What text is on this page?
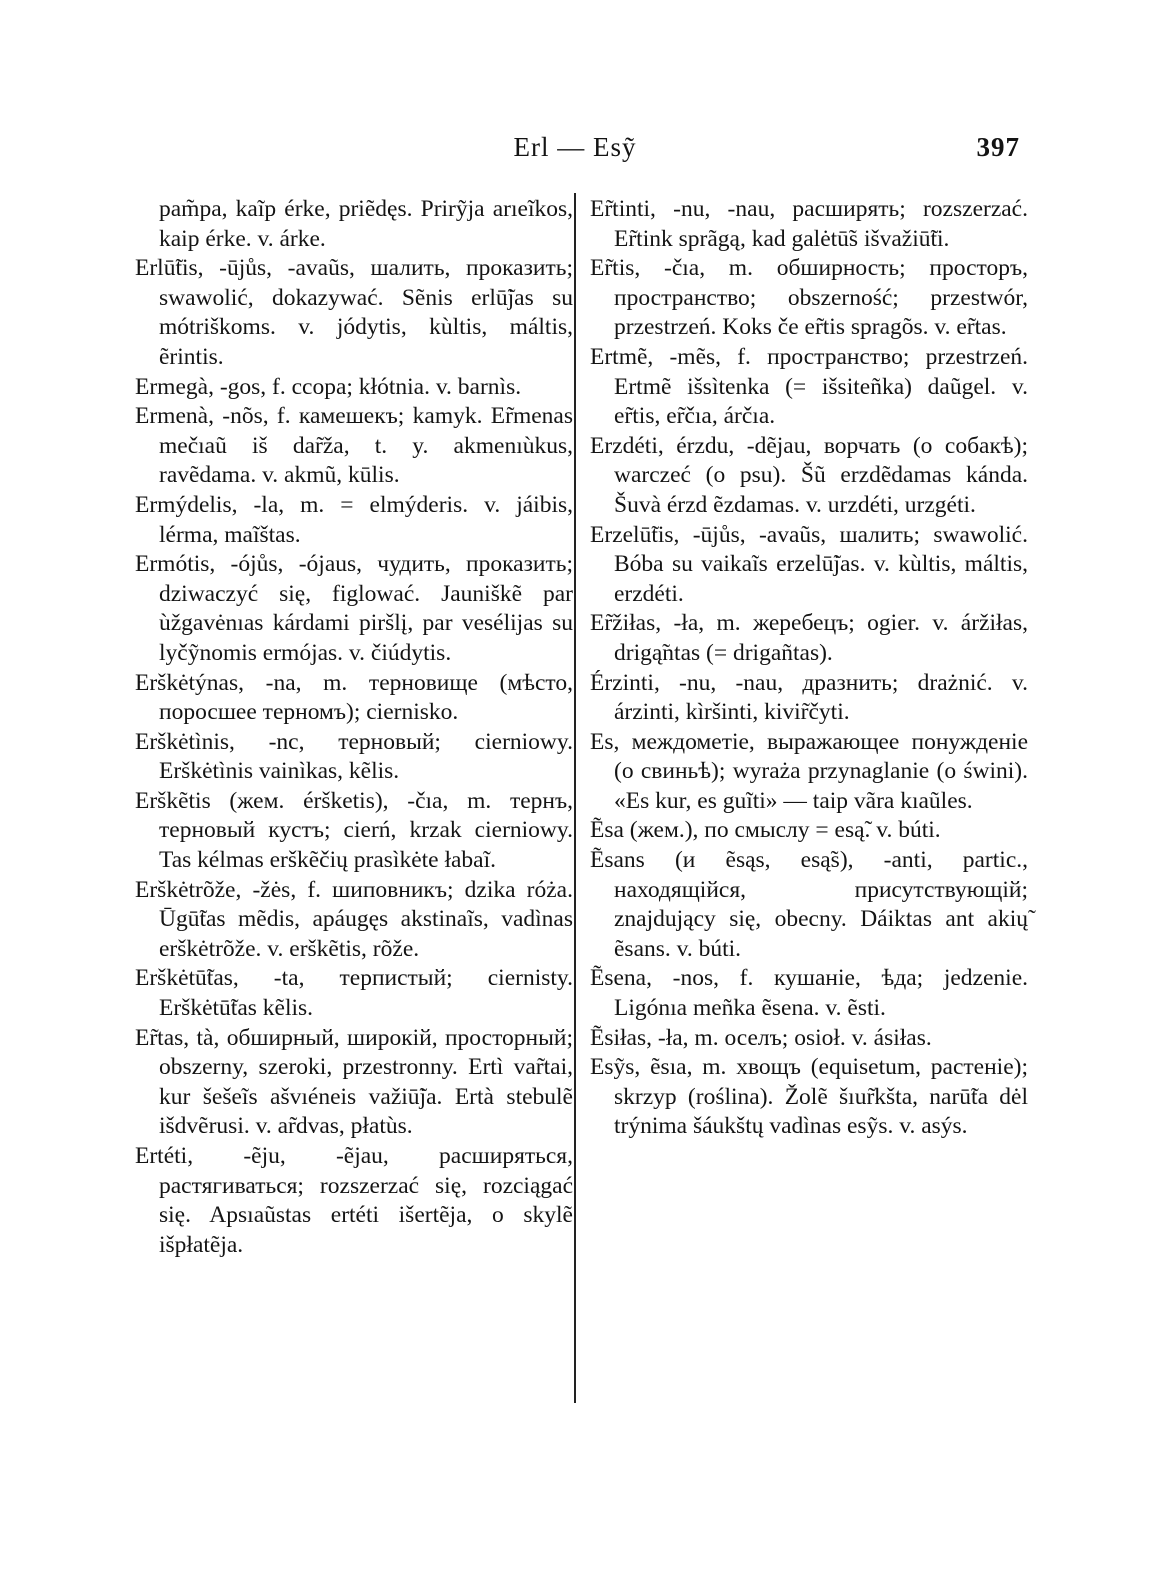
Erl — Esỹ	397

pam̃pa, kaĩp érke, priẽdęs. Prirỹja arıeĩkos, kaip érke. v. árke.

Erlū̃tis, -ūjůs, -avaũs, шалить, проказить; swawolić, dokazywać. Sẽnis erlū̃jas su mótriškoms. v. jódytis, kùltis, máltis, ẽrintis.

Ermegà, -gos, f. ccopa; kłótnia. v. barnìs.

Ermenà, -nõs, f. камешекъ; kamyk. Er̃menas mečıaũ iš dar̃ža, t. y. akmenıùkus, ravẽdama. v. akmũ, kūlis.

Ermýdelis, -la, m. = elmýderis. v. jáibis, lérma, maĩštas.

Ermótis, -ójůs, -ójaus, чудить, проказить; dziwaczyć się, figlować. Jauniškẽ par ùžgavėnıas kárdami piršlį, par vesélijas su lyčỹnomis ermójas. v. čiúdytis.

Erškėtýnas, -na, m. терновище (мѣсто, поросшее терномъ); ciernisko.

Erškėtìnis, -nc, терновый; cierniowy. Erškėtìnis vainìkas, kẽlis.

Erškẽtis (жем. éršketis), -čıa, m. тернъ, терновый кустъ; cierń, krzak cierniowy. Tas kélmas erškẽčių prasìkėte łabaĩ.

Erškėtrõže, -žės, f. шиповникъ; dzika róża. Ūgū̃tas mẽdis, apáugęs akstinaĩs, vadìnas erškėtrõže. v. erškẽtis, rõže.

Erškėtū̃tas, -ta, терпистый; ciernisty. Erškėtū̃tas kẽlis.

Er̃tas, tà, обширный, широкій, просторный; obszerny, szeroki, przestronny. Ertì var̃tai, kur šešeĩs ašvıéneis važiū̃ja. Ertà stebulẽ išdvẽrusi. v. ar̃dvas, płatùs.

Ertéti, -ẽju, -ẽjau, расширяться, растягиваться; rozszerzać się, rozciągać się. Apsıaũstas ertéti išertẽja, o skylẽ išpłatẽja.

Er̃tinti, -nu, -nau, расширять; rozszerzać. Er̃tink sprãgą, kad galėtū̃s išvažiū̃ti.

Er̃tis, -čıa, m. обширность; просторъ, пространство; obszerność; przestwór, przestrzeń. Koks če er̃tis spragõs. v. er̃tas.

Ertmẽ, -mẽs, f. пространство; przestrzeń. Ertmẽ išsìtenka (= išsiteñka) daũgel. v. er̃tis, er̃čıa, árčıa.

Erzdéti, érzdu, -dẽjau, ворчать (о собакѣ); warczeć (o psu). Šũ erzdẽdamas kánda. Šuvà érzd ẽzdamas. v. urzdéti, urzgéti.

Erzelū̃tis, -ūjůs, -avaũs, шалить; swawolić. Bóba su vaikaĩs erzelū̃jas. v. kùltis, máltis, erzdéti.

Er̃žiłas, -ła, m. жеребецъ; ogier. v. áržiłas, drigą̃ntas (= drigañtas).

Érzinti, -nu, -nau, дразнить; drażnić. v. árzinti, kìršinti, kivir̃čyti.

Es, междометіе, выражающее понужденіе (о свиньѣ); wyraża przynaglanie (o świni). «Es kur, es guĩti» — taip vãra kıaũles.

Ẽsa (жем.), по смыслу = esą̃. v. búti.

Ẽsans (и ẽsąs, esą̃s), -anti, partic., находящійся, присутствующій; znajdujący się, obecny. Dáiktas ant akių̃ ẽsans. v. búti.

Ẽsena, -nos, f. кушаніе, ѣда; jedzenie. Ligónıa meñka ẽsena. v. ẽsti.

Ẽsiłas, -ła, m. оселъ; osioł. v. ásiłas.

Esỹs, ẽsıa, m. хвощъ (equisetum, растеніе); skrzyp (roślina). Žolẽ šıur̃kšta, narū̃ta dėl trýnima šáukštų vadìnas esỹs. v. asýs.
